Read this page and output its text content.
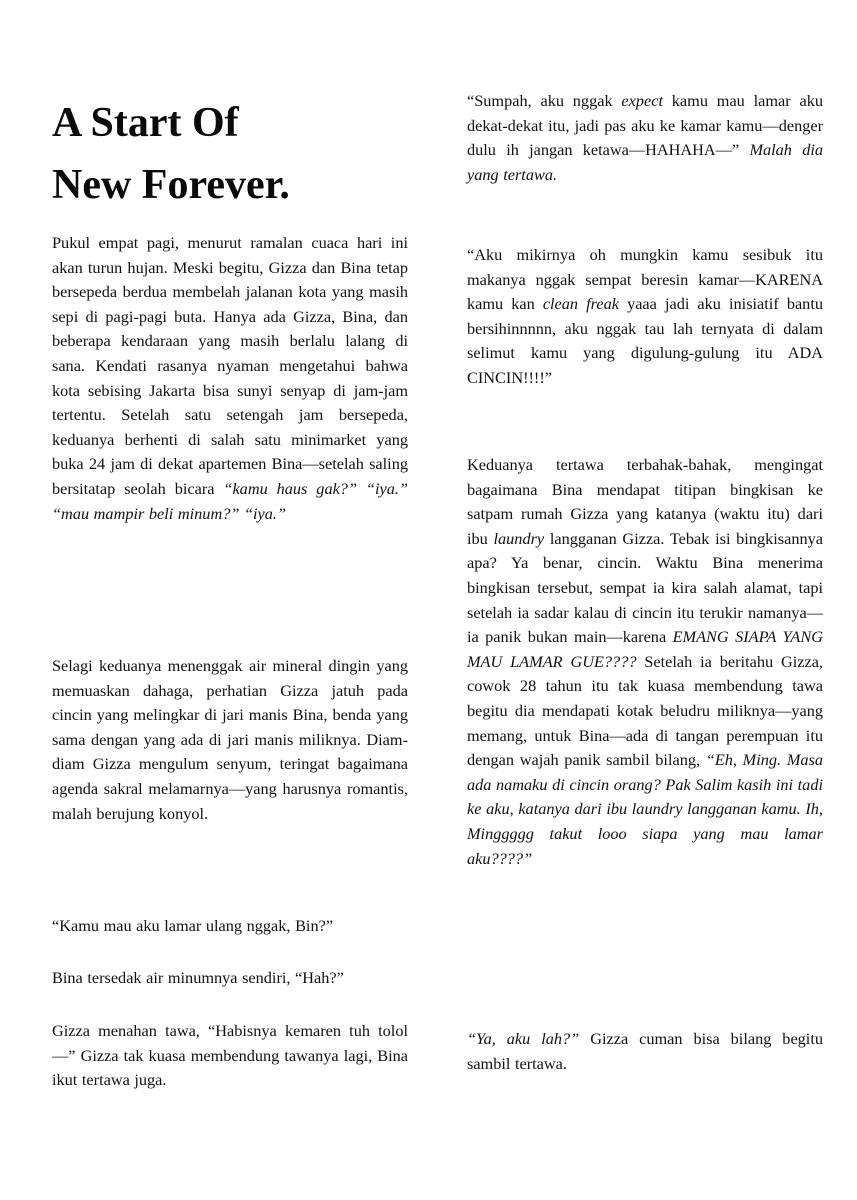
A Start Of
New Forever.

Pukul empat pagi, menurut ramalan cuaca hari ini akan turun hujan. Meski begitu, Gizza dan Bina tetap bersepeda berdua membelah jalanan kota yang masih sepi di pagi-pagi buta. Hanya ada Gizza, Bina, dan beberapa kendaraan yang masih berlalu lalang di sana. Kendati rasanya nyaman mengetahui bahwa kota sebising Jakarta bisa sunyi senyap di jam-jam tertentu. Setelah satu setengah jam bersepeda, keduanya berhenti di salah satu minimarket yang buka 24 jam di dekat apartemen Bina—setelah saling bersitatap seolah bicara “kamu haus gak?” “iya.” “mau mampir beli minum?” “iya.”

Selagi keduanya menenggak air mineral dingin yang memuaskan dahaga, perhatian Gizza jatuh pada cincin yang melingkar di jari manis Bina, benda yang sama dengan yang ada di jari manis miliknya. Diam-diam Gizza mengulum senyum, teringat bagaimana agenda sakral melamarnya—yang harusnya romantis, malah berujung konyol.

“Kamu mau aku lamar ulang nggak, Bin?”

Bina tersedak air minumnya sendiri, “Hah?”

Gizza menahan tawa, “Habisnya kemaren tuh tolol—” Gizza tak kuasa membendung tawanya lagi, Bina ikut tertawa juga.

“Sumpah, aku nggak expect kamu mau lamar aku dekat-dekat itu, jadi pas aku ke kamar kamu—denger dulu ih jangan ketawa—HAHAHA—” Malah dia yang tertawa.

“Aku mikirnya oh mungkin kamu sesibuk itu makanya nggak sempat beresin kamar—KARENA kamu kan clean freak yaaa jadi aku inisiatif bantu bersihinnnnn, aku nggak tau lah ternyata di dalam selimut kamu yang digulung-gulung itu ADA CINCIN!!!!”

Keduanya tertawa terbahak-bahak, mengingat bagaimana Bina mendapat titipan bingkisan ke satpam rumah Gizza yang katanya (waktu itu) dari ibu laundry langganan Gizza. Tebak isi bingkisannya apa? Ya benar, cincin. Waktu Bina menerima bingkisan tersebut, sempat ia kira salah alamat, tapi setelah ia sadar kalau di cincin itu terukir namanya—ia panik bukan main—karena EMANG SIAPA YANG MAU LAMAR GUE???? Setelah ia beritahu Gizza, cowok 28 tahun itu tak kuasa membendung tawa begitu dia mendapati kotak beludru miliknya—yang memang, untuk Bina—ada di tangan perempuan itu dengan wajah panik sambil bilang, “Eh, Ming. Masa ada namaku di cincin orang? Pak Salim kasih ini tadi ke aku, katanya dari ibu laundry langganan kamu. Ih, Minggggg takut looo siapa yang mau lamar aku????”

“Ya, aku lah?” Gizza cuman bisa bilang begitu sambil tertawa.
